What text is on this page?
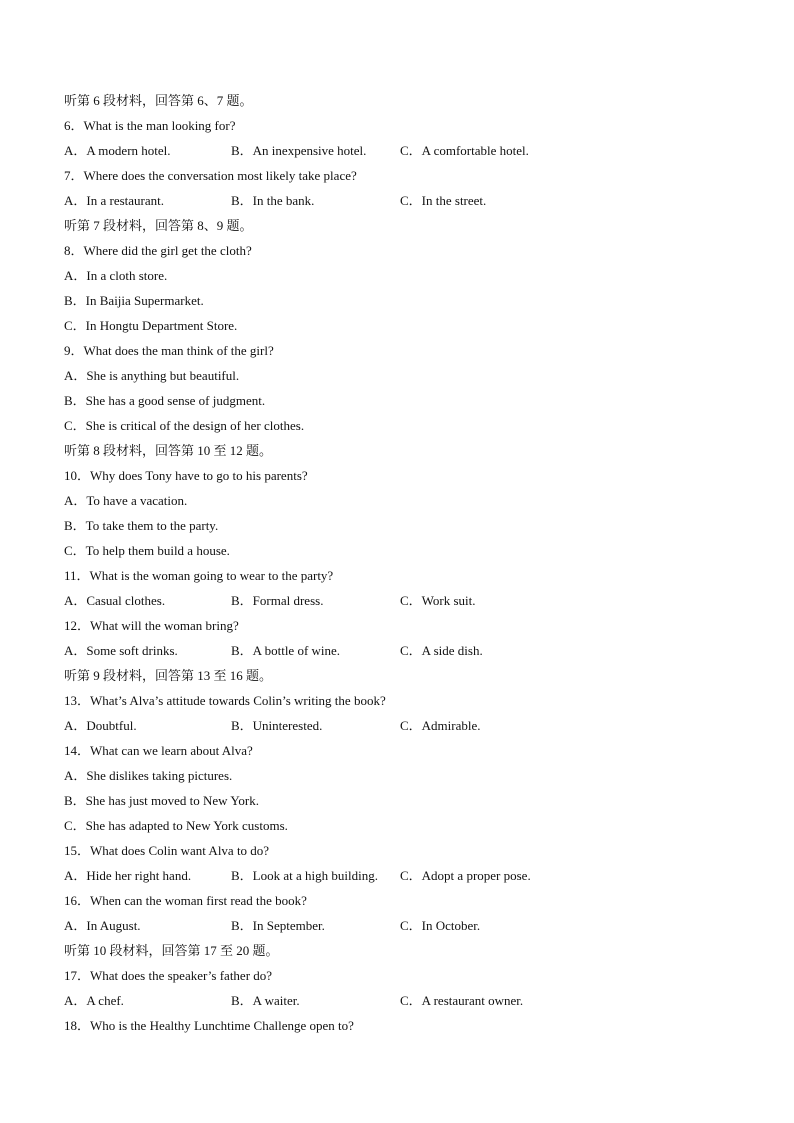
听第 6 段材料，回答第 6、7 题。
6．What is the man looking for?
A．A modern hotel.	B．An inexpensive hotel.	C．A comfortable hotel.
7．Where does the conversation most likely take place?
A．In a restaurant.	B．In the bank.	C．In the street.
听第 7 段材料，回答第 8、9 题。
8．Where did the girl get the cloth?
A．In a cloth store.
B．In Baijia Supermarket.
C．In Hongtu Department Store.
9．What does the man think of the girl?
A．She is anything but beautiful.
B．She has a good sense of judgment.
C．She is critical of the design of her clothes.
听第 8 段材料，回答第 10 至 12 题。
10．Why does Tony have to go to his parents?
A．To have a vacation.
B．To take them to the party.
C．To help them build a house.
11．What is the woman going to wear to the party?
A．Casual clothes.	B．Formal dress.	C．Work suit.
12．What will the woman bring?
A．Some soft drinks.	B．A bottle of wine.	C．A side dish.
听第 9 段材料，回答第 13 至 16 题。
13．What’s Alva’s attitude towards Colin’s writing the book?
A．Doubtful.	B．Uninterested.	C．Admirable.
14．What can we learn about Alva?
A．She dislikes taking pictures.
B．She has just moved to New York.
C．She has adapted to New York customs.
15．What does Colin want Alva to do?
A．Hide her right hand.	B．Look at a high building. C．Adopt a proper pose.
16．When can the woman first read the book?
A．In August.	B．In September.	C．In October.
听第 10 段材料，回答第 17 至 20 题。
17．What does the speaker’s father do?
A．A chef.	B．A waiter.	C．A restaurant owner.
18．Who is the Healthy Lunchtime Challenge open to?
